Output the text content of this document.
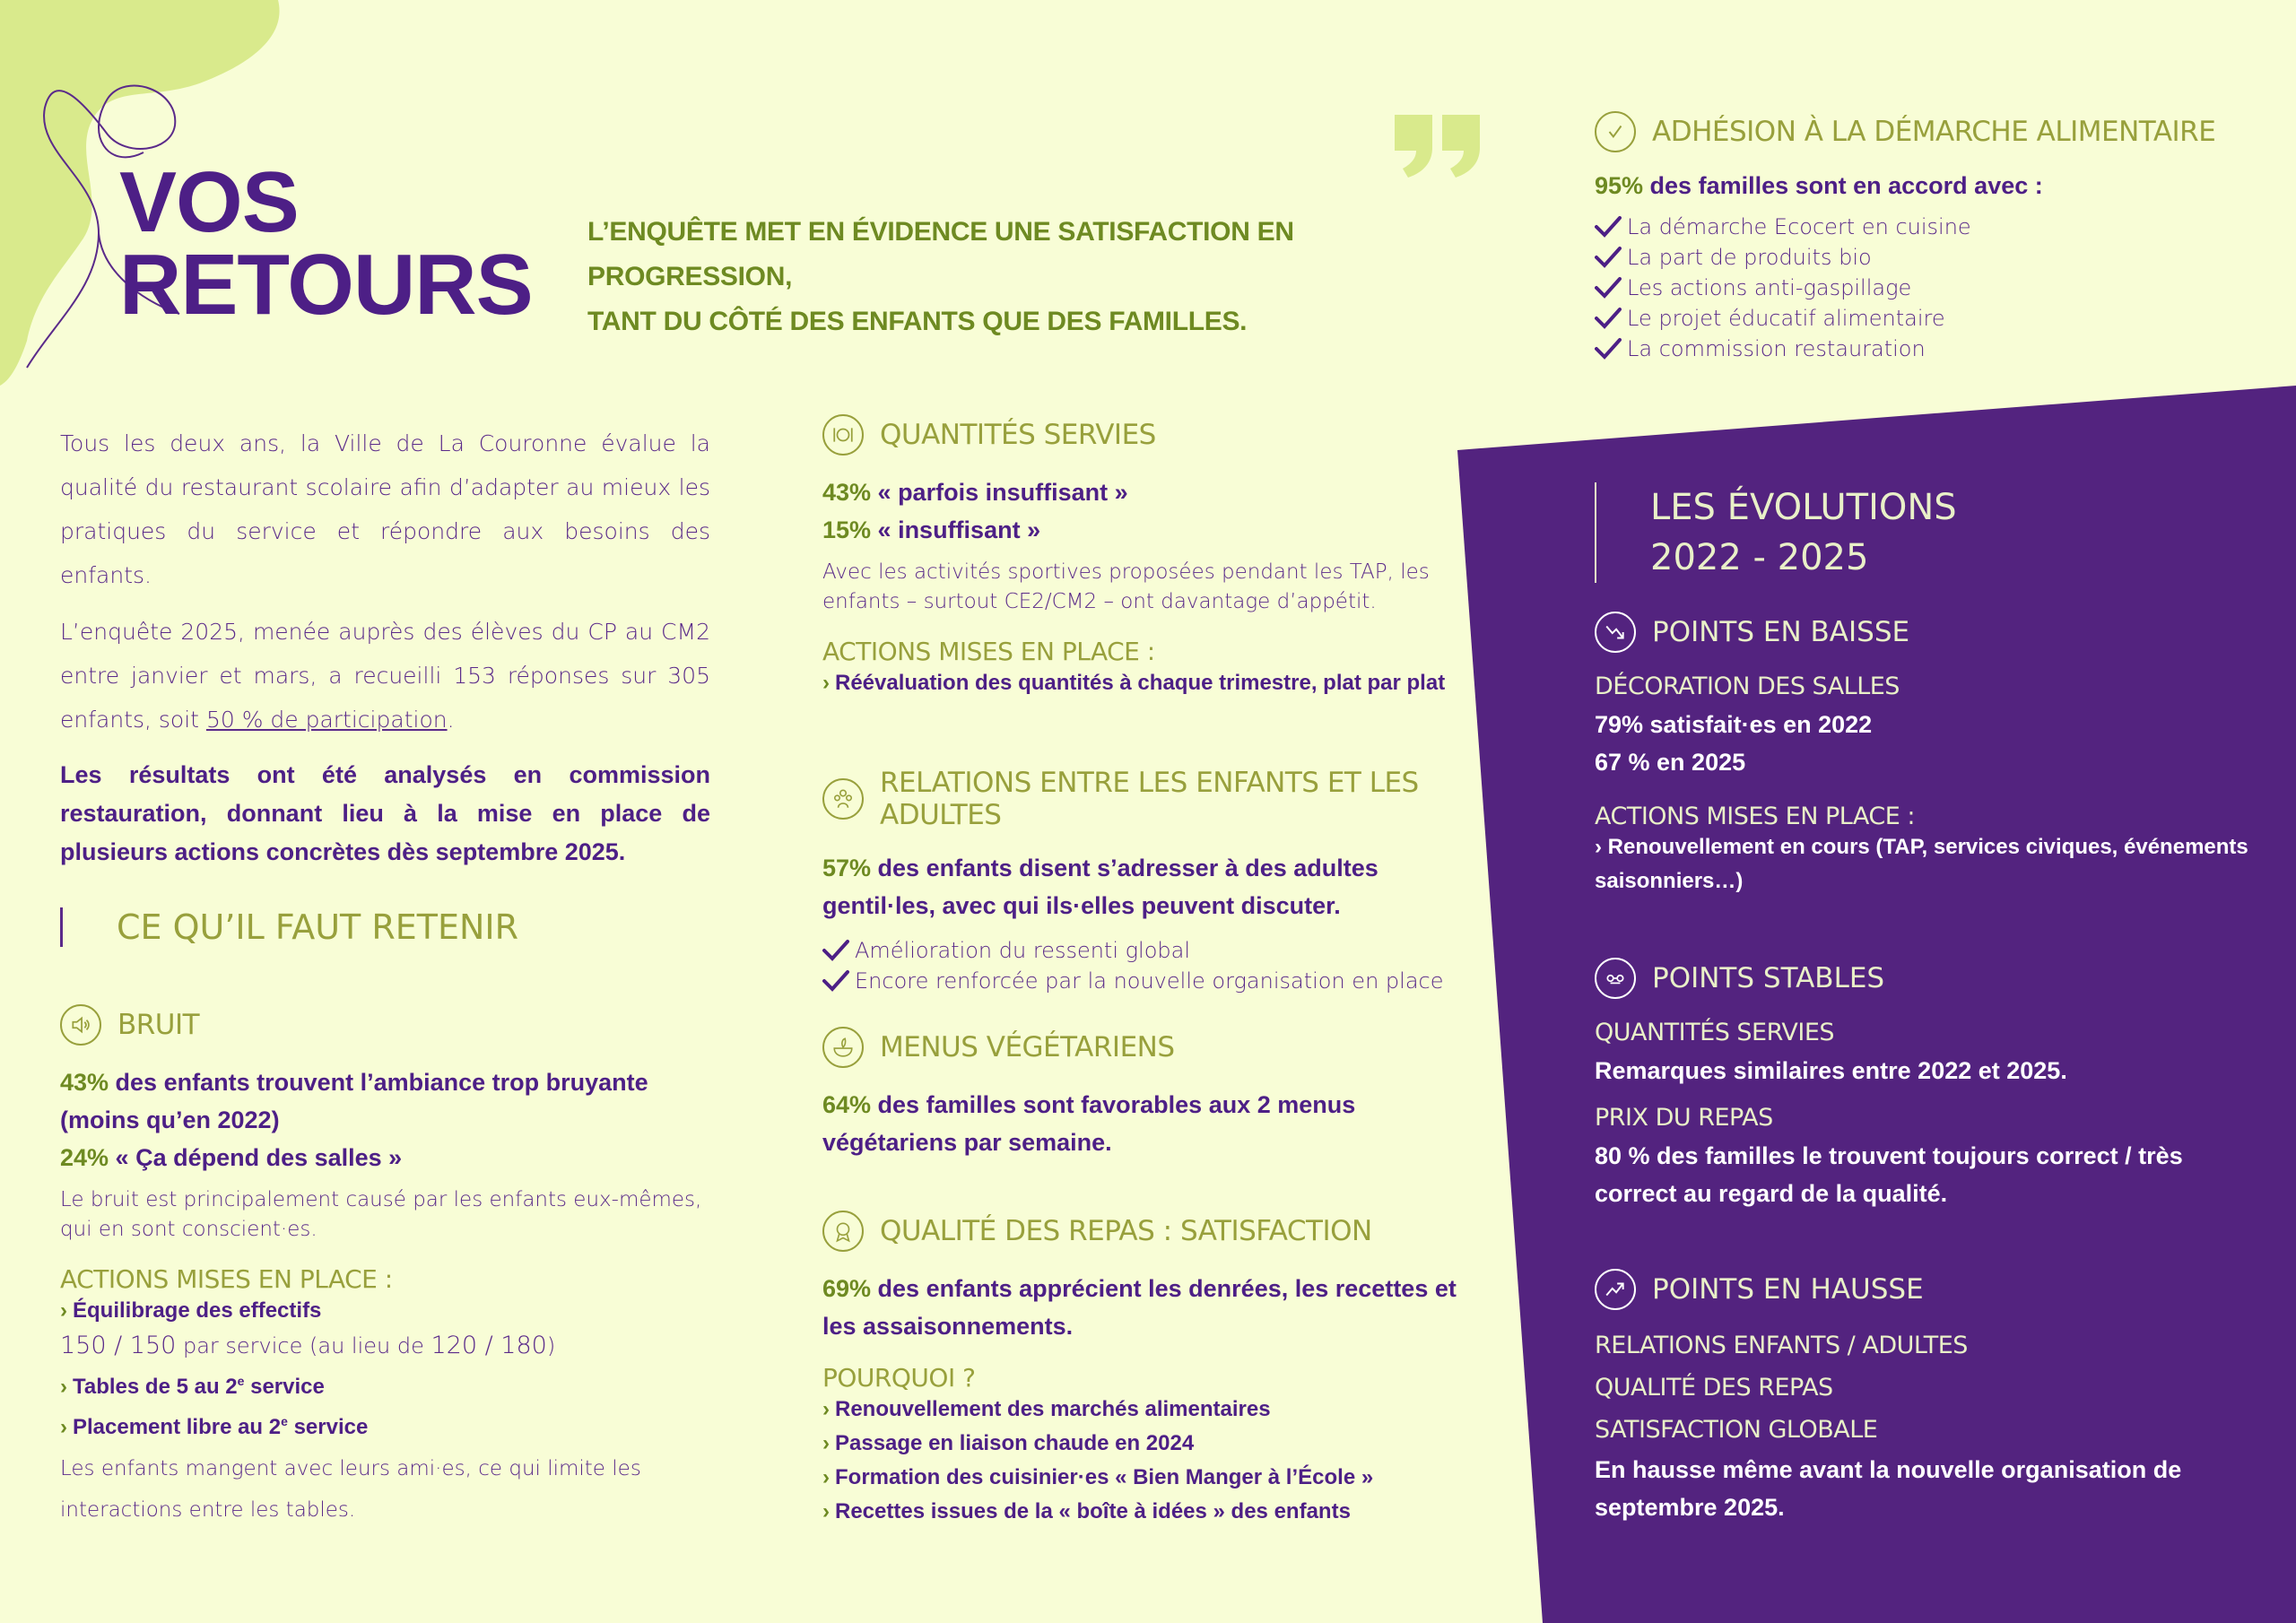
VOS
RETOURS
L’ENQUÊTE MET EN ÉVIDENCE UNE SATISFACTION EN PROGRESSION,
TANT DU CÔTÉ DES ENFANTS QUE DES FAMILLES.

Tous les deux ans, la Ville de La Couronne évalue la qualité du restaurant scolaire afin d’adapter au mieux les pratiques du service et répondre aux besoins des enfants.

L’enquête 2025, menée auprès des élèves du CP au CM2 entre janvier et mars, a recueilli 153 réponses sur 305 enfants, soit 50 % de participation.

Les résultats ont été analysés en commission restauration, donnant lieu à la mise en place de plusieurs actions concrètes dès septembre 2025.

CE QU’IL FAUT RETENIR
BRUIT
43% des enfants trouvent l’ambiance trop bruyante (moins qu’en 2022)
24% « Ça dépend des salles »
Le bruit est principalement causé par les enfants eux-mêmes, qui en sont conscient·es.
ACTIONS MISES EN PLACE :
› Équilibrage des effectifs
150 / 150 par service (au lieu de 120 / 180)
› Tables de 5 au 2e service
› Placement libre au 2e service
Les enfants mangent avec leurs ami·es, ce qui limite les interactions entre les tables.
QUANTITÉS SERVIES
43% « parfois insuffisant »
15% « insuffisant »
Avec les activités sportives proposées pendant les TAP, les enfants – surtout CE2/CM2 – ont davantage d’appétit.
ACTIONS MISES EN PLACE :
› Réévaluation des quantités à chaque trimestre, plat par plat
RELATIONS ENTRE LES ENFANTS ET LES ADULTES
57% des enfants disent s’adresser à des adultes gentil·les, avec qui ils·elles peuvent discuter.
Amélioration du ressenti global
Encore renforcée par la nouvelle organisation en place
MENUS VÉGÉTARIENS
64% des familles sont favorables aux 2 menus végétariens par semaine.
QUALITÉ DES REPAS : SATISFACTION
69% des enfants apprécient les denrées, les recettes et les assaisonnements.
POURQUOI ?
› Renouvellement des marchés alimentaires
› Passage en liaison chaude en 2024
› Formation des cuisinier·es « Bien Manger à l’École »
› Recettes issues de la « boîte à idées » des enfants
ADHÉSION À LA DÉMARCHE ALIMENTAIRE
95% des familles sont en accord avec :
La démarche Ecocert en cuisine
La part de produits bio
Les actions anti-gaspillage
Le projet éducatif alimentaire
La commission restauration
LES ÉVOLUTIONS
2022 - 2025
POINTS EN BAISSE
DÉCORATION DES SALLES
79% satisfait·es en 2022
67 % en 2025
ACTIONS MISES EN PLACE :
› Renouvellement en cours (TAP, services civiques, événements saisonniers…)
POINTS STABLES
QUANTITÉS SERVIES
Remarques similaires entre 2022 et 2025.
PRIX DU REPAS
80 % des familles le trouvent toujours correct / très correct au regard de la qualité.
POINTS EN HAUSSE
RELATIONS ENFANTS / ADULTES
QUALITÉ DES REPAS
SATISFACTION GLOBALE
En hausse même avant la nouvelle organisation de septembre 2025.
